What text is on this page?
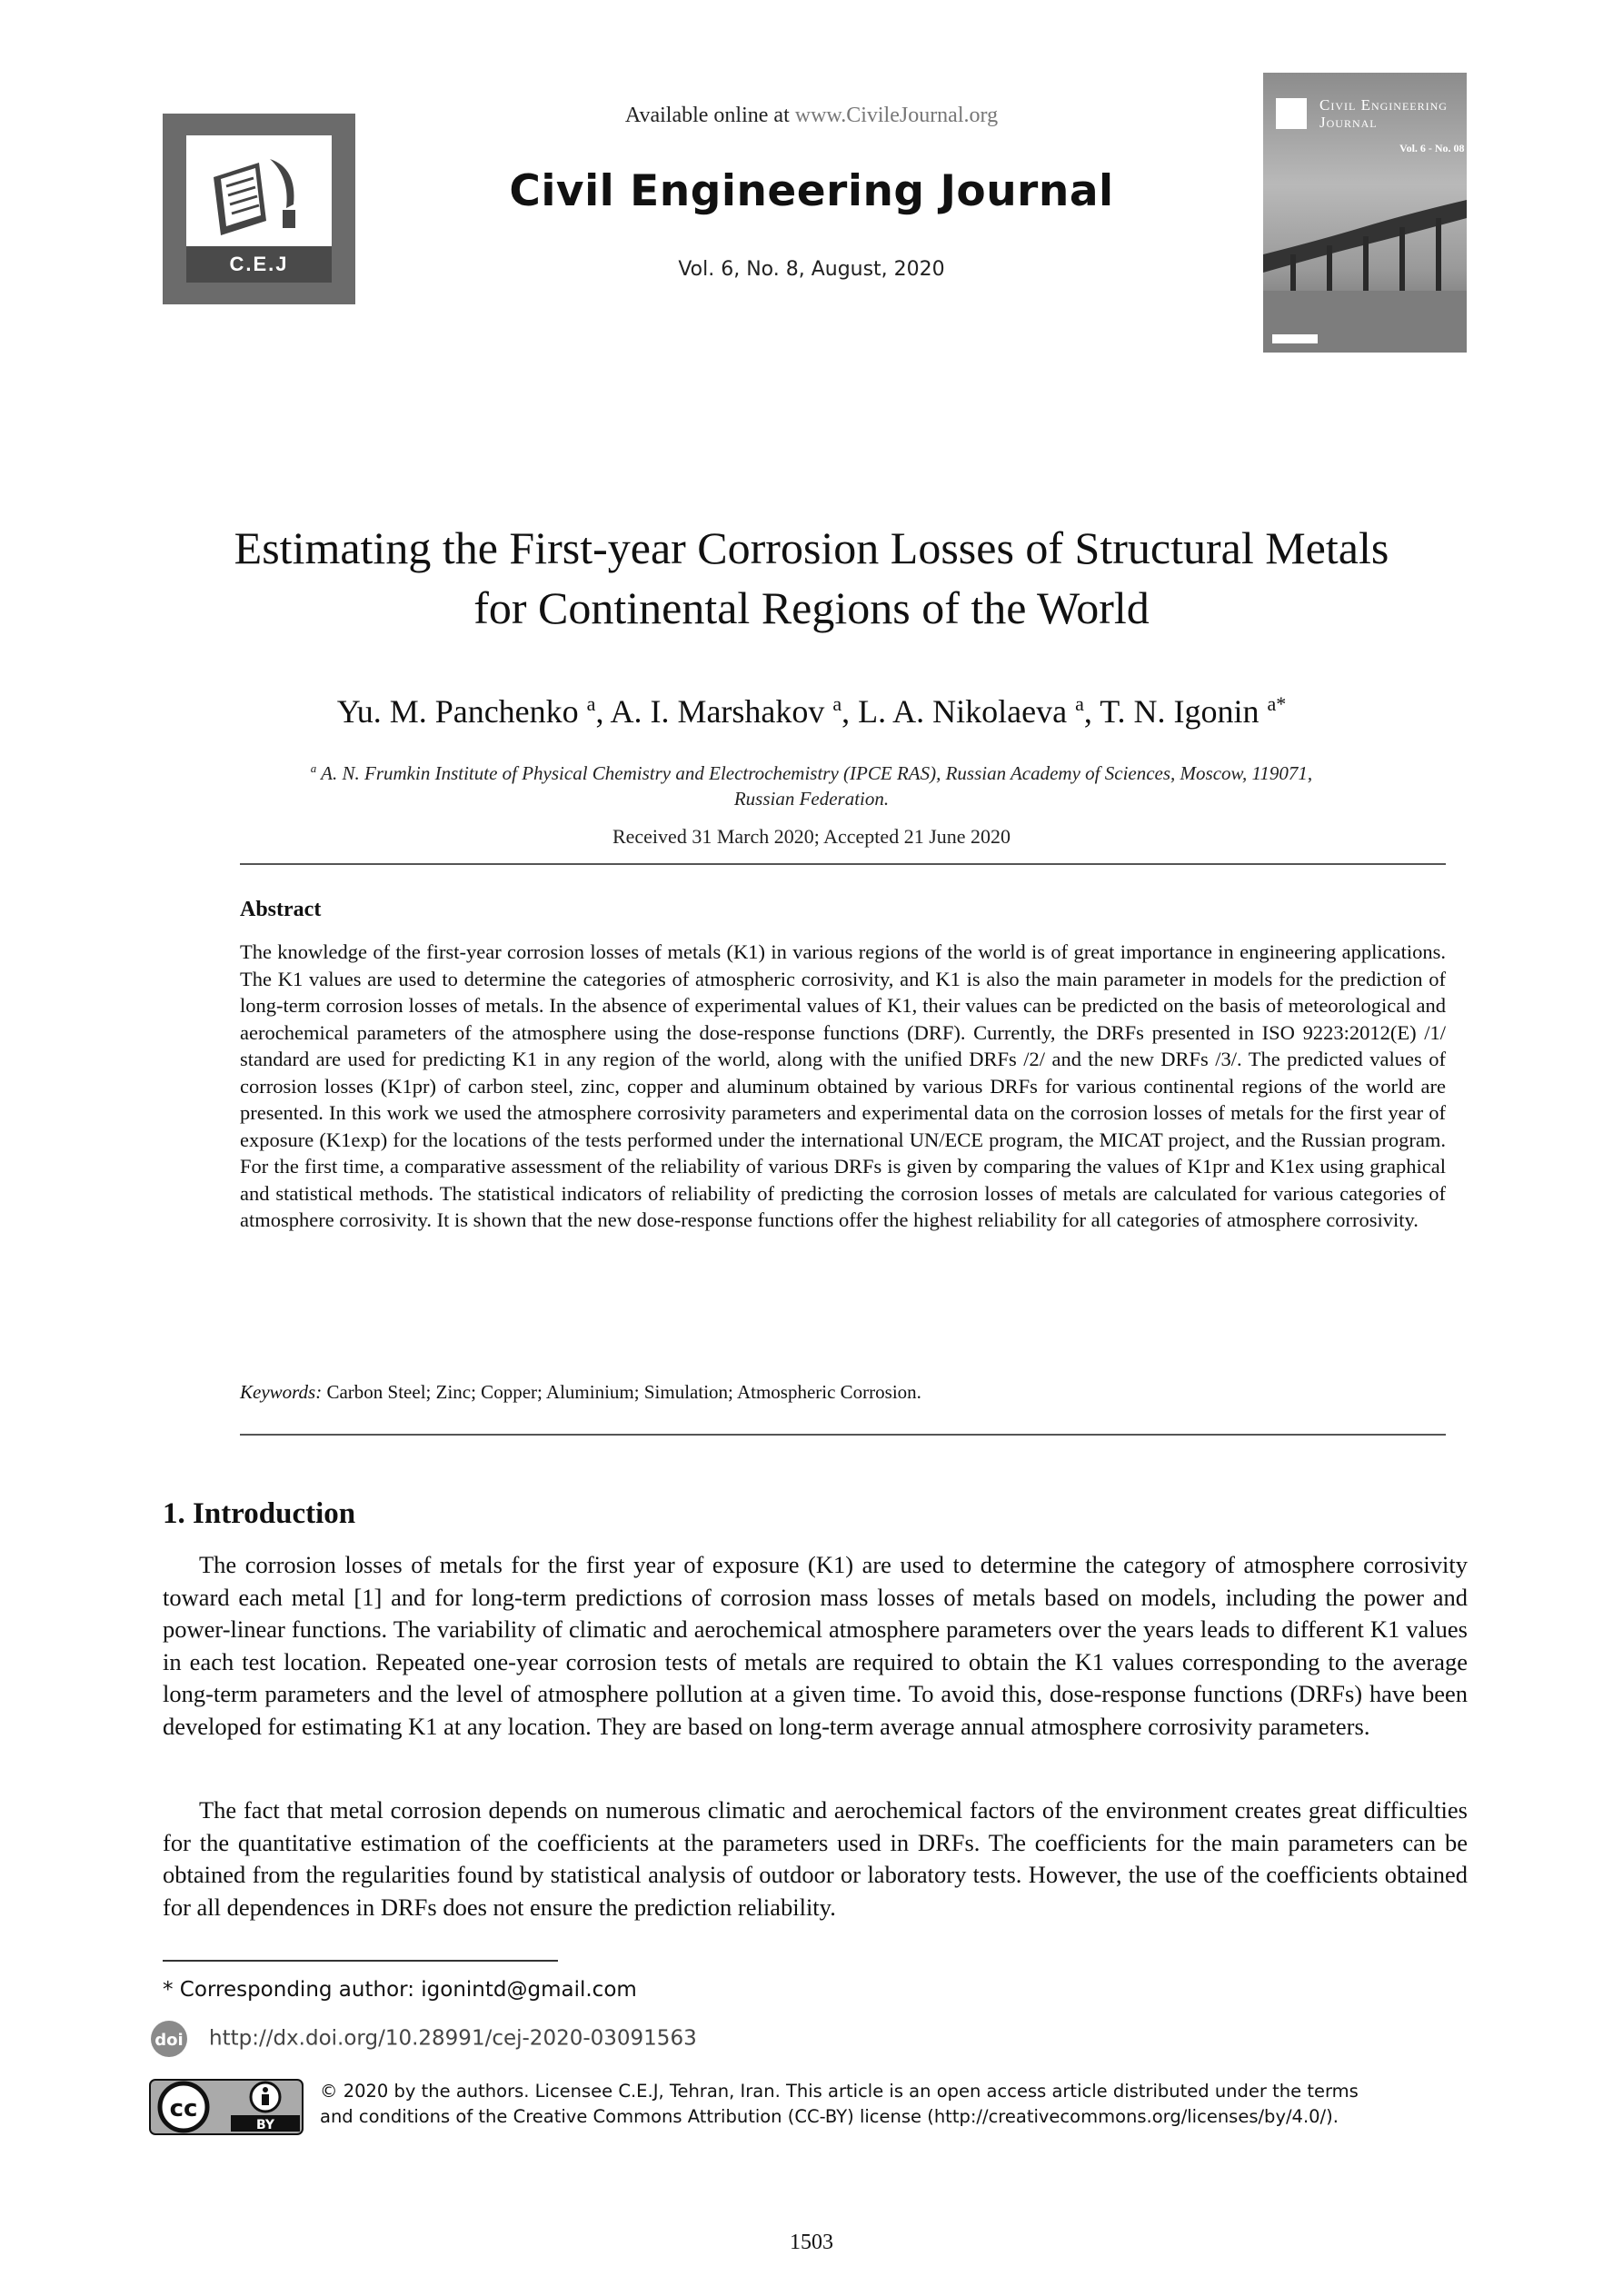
C.E.J
Available online at www.CivileJournal.org
Civil Engineering Journal
Vol. 6, No. 8, August, 2020
Civil Engineering Journal
Vol. 6 - No. 08
Estimating the First-year Corrosion Losses of Structural Metals
for Continental Regions of the World
Yu. M. Panchenko $^a$, A. I. Marshakov $^a$, L. A. Nikolaeva $^a$, T. N. Igonin $^{a*}$
$^a$ A. N. Frumkin Institute of Physical Chemistry and Electrochemistry (IPCE RAS), Russian Academy of Sciences, Moscow, 119071,
Russian Federation.
Received 31 March 2020; Accepted 21 June 2020
Abstract
The knowledge of the first-year corrosion losses of metals (K1) in various regions of the world is of great importance in engineering applications. The K1 values are used to determine the categories of atmospheric corrosivity, and K1 is also the main parameter in models for the prediction of long-term corrosion losses of metals. In the absence of experimental values of K1, their values can be predicted on the basis of meteorological and aerochemical parameters of the atmosphere using the dose-response functions (DRF). Currently, the DRFs presented in ISO 9223:2012(E) /1/ standard are used for predicting K1 in any region of the world, along with the unified DRFs /2/ and the new DRFs /3/. The predicted values of corrosion losses (K1pr) of carbon steel, zinc, copper and aluminum obtained by various DRFs for various continental regions of the world are presented. In this work we used the atmosphere corrosivity parameters and experimental data on the corrosion losses of metals for the first year of exposure (K1exp) for the locations of the tests performed under the international UN/ECE program, the MICAT project, and the Russian program. For the first time, a comparative assessment of the reliability of various DRFs is given by comparing the values of K1pr and K1ex using graphical and statistical methods. The statistical indicators of reliability of predicting the corrosion losses of metals are calculated for various categories of atmosphere corrosivity. It is shown that the new dose-response functions offer the highest reliability for all categories of atmosphere corrosivity.
Keywords: Carbon Steel; Zinc; Copper; Aluminium; Simulation; Atmospheric Corrosion.
1. Introduction

The corrosion losses of metals for the first year of exposure (K1) are used to determine the category of atmosphere corrosivity toward each metal [1] and for long-term predictions of corrosion mass losses of metals based on models, including the power and power-linear functions. The variability of climatic and aerochemical atmosphere parameters over the years leads to different K1 values in each test location. Repeated one-year corrosion tests of metals are required to obtain the K1 values corresponding to the average long-term parameters and the level of atmosphere pollution at a given time. To avoid this, dose-response functions (DRFs) have been developed for estimating K1 at any location. They are based on long-term average annual atmosphere corrosivity parameters.

The fact that metal corrosion depends on numerous climatic and aerochemical factors of the environment creates great difficulties for the quantitative estimation of the coefficients at the parameters used in DRFs. The coefficients for the main parameters can be obtained from the regularities found by statistical analysis of outdoor or laboratory tests. However, the use of the coefficients obtained for all dependences in DRFs does not ensure the prediction reliability.

* Corresponding author: igonintd@gmail.com
doi http://dx.doi.org/10.28991/cej-2020-03091563
cc
BY
© 2020 by the authors. Licensee C.E.J, Tehran, Iran. This article is an open access article distributed under the terms
and conditions of the Creative Commons Attribution (CC-BY) license (http://creativecommons.org/licenses/by/4.0/).
1503
